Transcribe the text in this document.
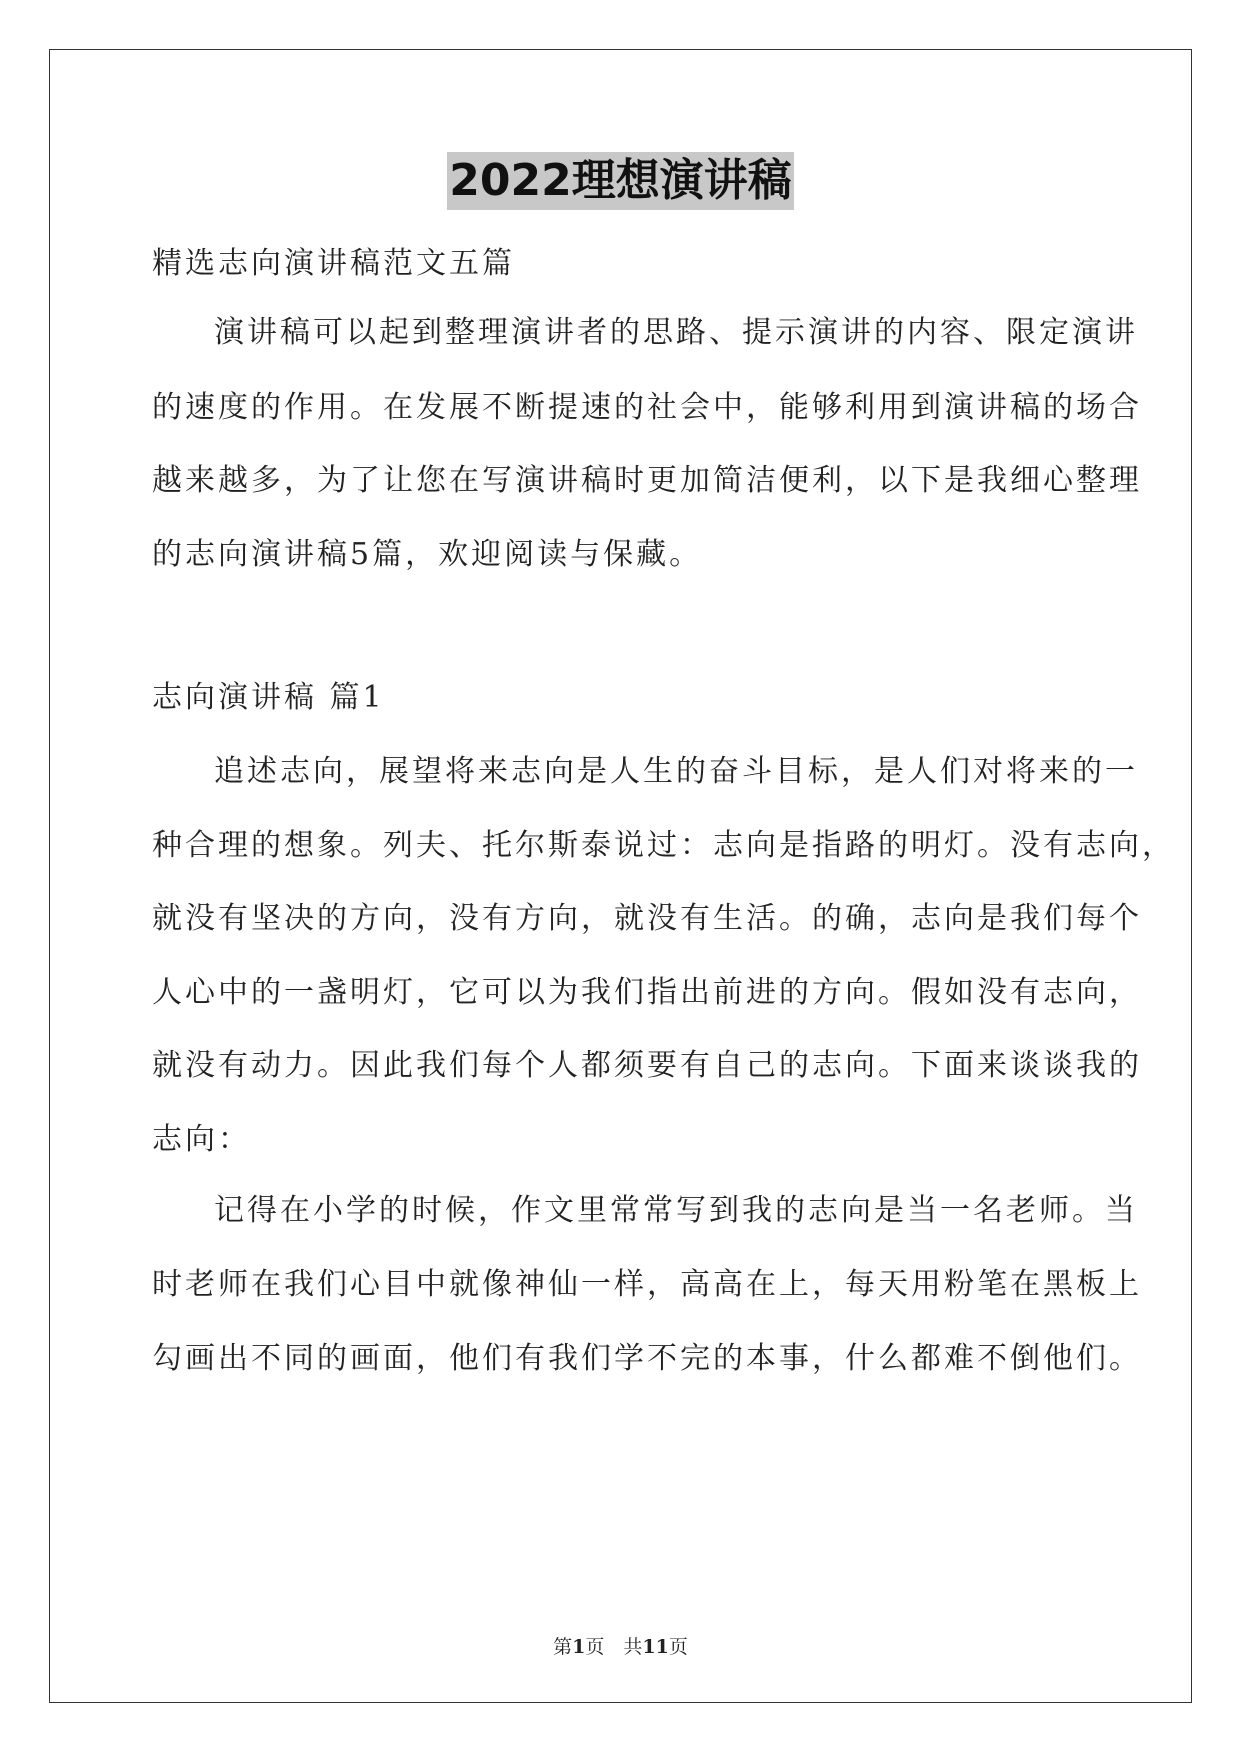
2022理想演讲稿
精选志向演讲稿范文五篇
演讲稿可以起到整理演讲者的思路、提示演讲的内容、限定演讲
的速度的作用。在发展不断提速的社会中，能够利用到演讲稿的场合
越来越多，为了让您在写演讲稿时更加简洁便利，以下是我细心整理
的志向演讲稿5篇，欢迎阅读与保藏。
志向演讲稿 篇1
追述志向，展望将来志向是人生的奋斗目标，是人们对将来的一
种合理的想象。列夫、托尔斯泰说过：志向是指路的明灯。没有志向，
就没有坚决的方向，没有方向，就没有生活。的确，志向是我们每个
人心中的一盏明灯，它可以为我们指出前进的方向。假如没有志向，
就没有动力。因此我们每个人都须要有自己的志向。下面来谈谈我的
志向：
记得在小学的时候，作文里常常写到我的志向是当一名老师。当
时老师在我们心目中就像神仙一样，高高在上，每天用粉笔在黑板上
勾画出不同的画面，他们有我们学不完的本事，什么都难不倒他们。
第1页　共11页
